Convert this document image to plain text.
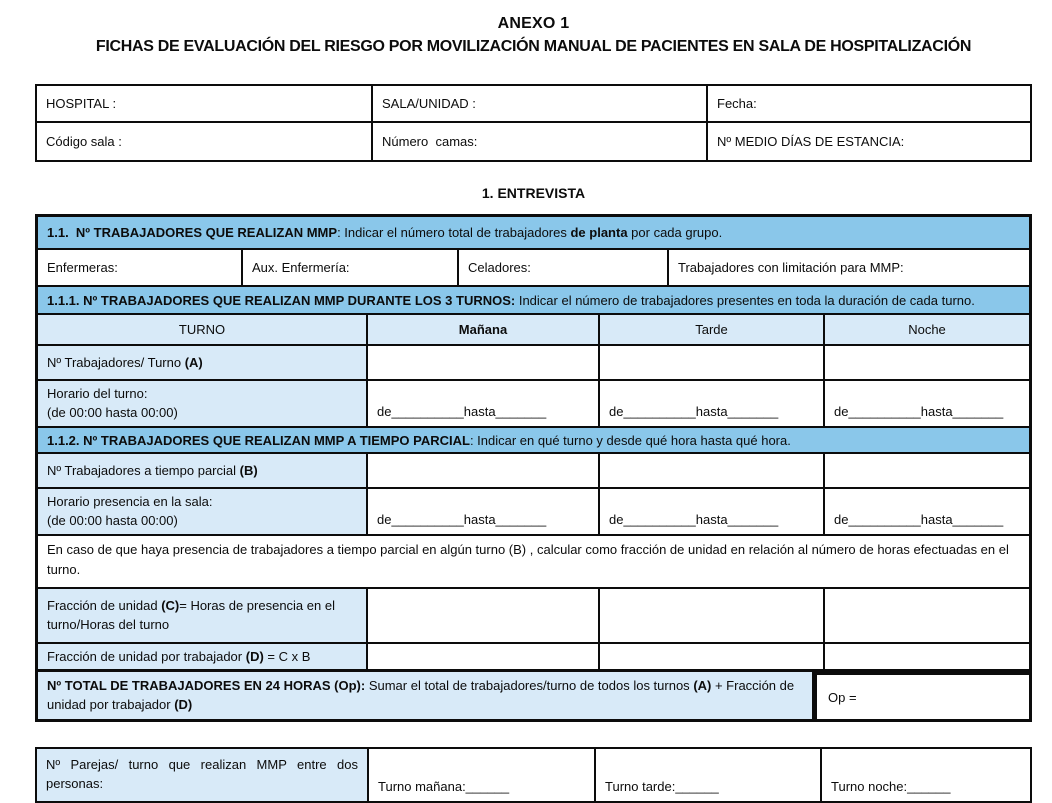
ANEXO 1
FICHAS DE EVALUACIÓN DEL RIESGO POR MOVILIZACIÓN MANUAL DE PACIENTES EN SALA DE HOSPITALIZACIÓN
HOSPITAL :	SALA/UNIDAD :	Fecha:
Código sala :	Número  camas:	Nº MEDIO DÍAS DE ESTANCIA:
1. ENTREVISTA
1.1.  Nº TRABAJADORES QUE REALIZAN MMP: Indicar el número total de trabajadores de planta por cada grupo.
Enfermeras:	Aux. Enfermería:	Celadores:	Trabajadores con limitación para MMP:
1.1.1. Nº TRABAJADORES QUE REALIZAN MMP DURANTE LOS 3 TURNOS: Indicar el número de trabajadores presentes en toda la duración de cada turno.
TURNO	Mañana	Tarde	Noche
Nº Trabajadores/ Turno (A)
Horario del turno:
(de 00:00 hasta 00:00)	de__________hasta_______	de__________hasta_______	de__________hasta_______
1.1.2. Nº TRABAJADORES QUE REALIZAN MMP A TIEMPO PARCIAL: Indicar en qué turno y desde qué hora hasta qué hora.
Nº Trabajadores a tiempo parcial (B)
Horario presencia en la sala:
(de 00:00 hasta 00:00)	de__________hasta_______	de__________hasta_______	de__________hasta_______
En caso de que haya presencia de trabajadores a tiempo parcial en algún turno (B) , calcular como fracción de unidad en relación al número de horas efectuadas en el turno.
Fracción de unidad (C)= Horas de presencia en el turno/Horas del turno
Fracción de unidad por trabajador (D) = C x B
Nº TOTAL DE TRABAJADORES EN 24 HORAS (Op): Sumar el total de trabajadores/turno de todos los turnos (A) + Fracción de unidad por trabajador (D)	Op =
Nº Parejas/ turno que realizan MMP entre dos personas:	Turno mañana:______	Turno tarde:______	Turno noche:______
